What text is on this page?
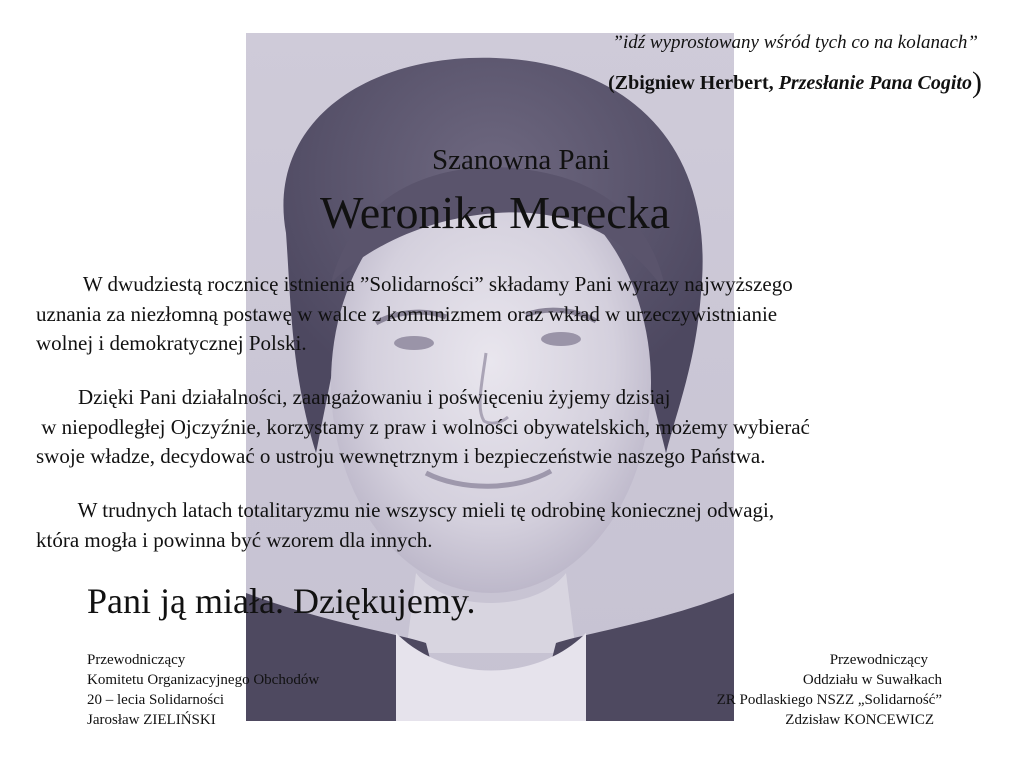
”idź wyprostowany wśród tych co na kolanach”
(Zbigniew Herbert, Przesłanie Pana Cogito)
Szanowna Pani
Weronika Merecka
W dwudziestą rocznicę istnienia ”Solidarności” składamy Pani wyrazy najwyższego
uznania za niezłomną postawę w walce z komunizmem oraz wkład w urzeczywistnianie
wolnej i demokratycznej Polski.
Dzięki Pani działalności, zaangażowaniu i poświęceniu żyjemy dzisiaj
w niepodległej Ojczyźnie, korzystamy z praw i wolności obywatelskich, możemy wybierać
swoje władze, decydować o ustroju wewnętrznym i bezpieczeństwie naszego Państwa.
W trudnych latach totalitaryzmu nie wszyscy mieli tę odrobinę koniecznej odwagi,
która mogła i powinna być wzorem dla innych.
Pani ją miała. Dziękujemy.
Przewodniczący
Komitetu Organizacyjnego Obchodów
20 – lecia Solidarności
Jarosław ZIELIŃSKI
Przewodniczący
Oddziału w Suwałkach
ZR Podlaskiego NSZZ „Solidarność”
Zdzisław KONCEWICZ
